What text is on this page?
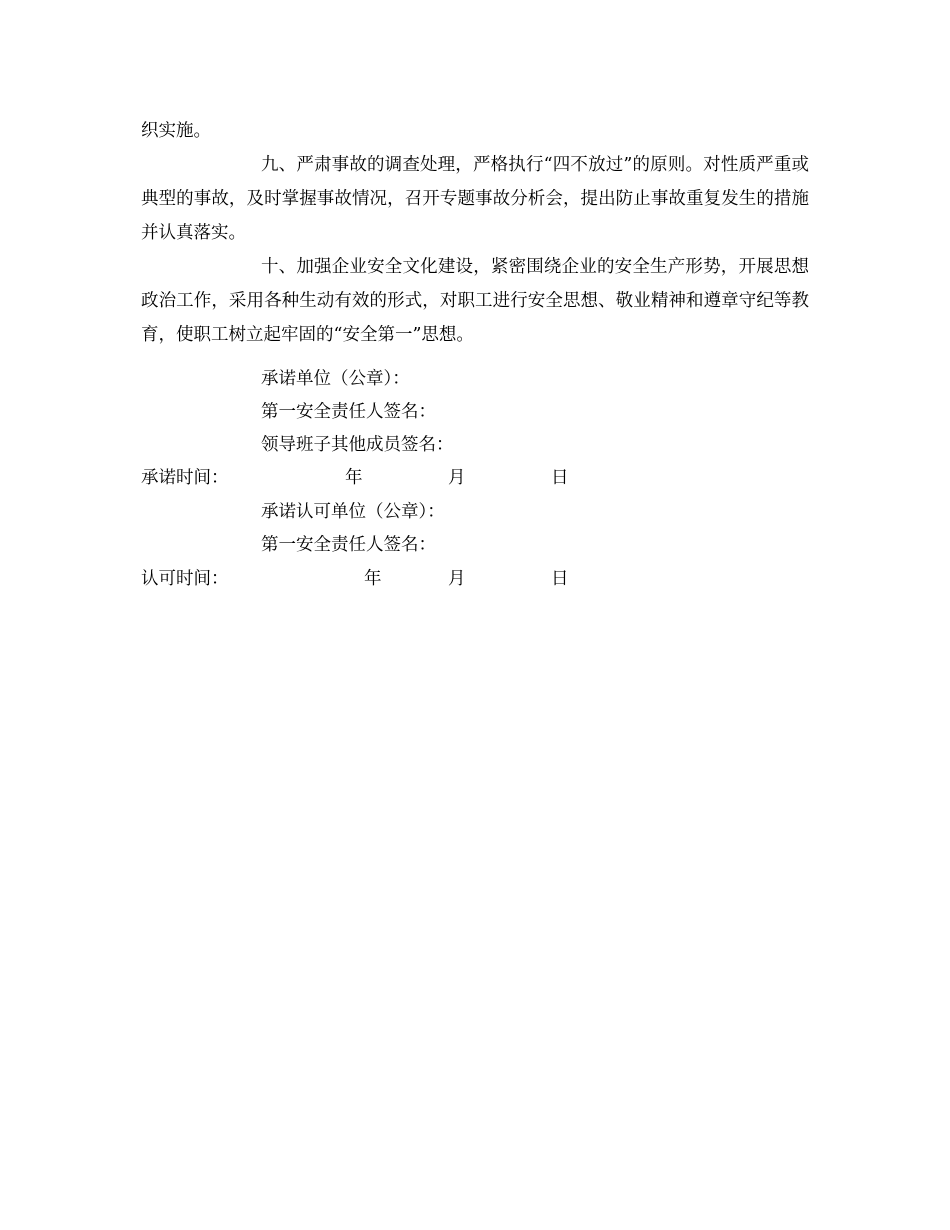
织实施。

九、严肃事故的调查处理，严格执行“四不放过”的原则。对性质严重或典型的事故，及时掌握事故情况，召开专题事故分析会，提出防止事故重复发生的措施并认真落实。

十、加强企业安全文化建设，紧密围绕企业的安全生产形势，开展思想政治工作，采用各种生动有效的形式，对职工进行安全思想、敬业精神和遵章守纪等教育，使职工树立起牢固的“安全第一”思想。

承诺单位（公章）：
第一安全责任人签名：
领导班子其他成员签名：
承诺时间：	年	月	日
承诺认可单位（公章）：
第一安全责任人签名：
认可时间：	年	月	日
